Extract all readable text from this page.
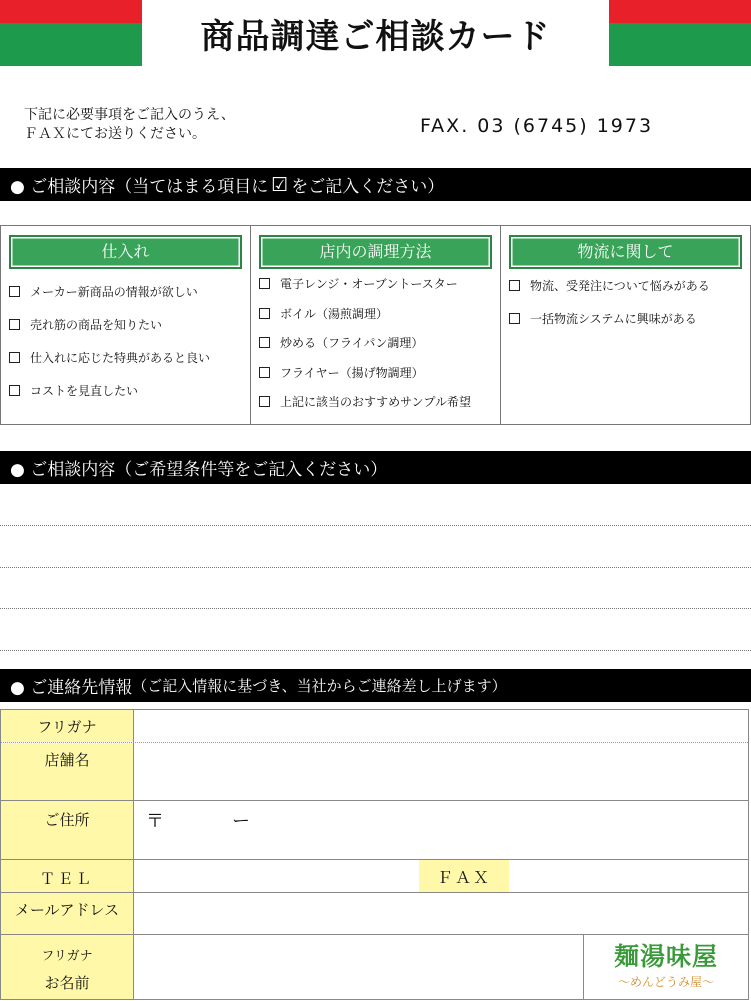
商品調達ご相談カード
下記に必要事項をご記入のうえ、
ＦＡＸにてお送りください。	FAX. 03 (6745) 1973
● ご相談内容（当てはまる項目に ☑ をご記入ください）
仕入れ
メーカー新商品の情報が欲しい
売れ筋の商品を知りたい
仕入れに応じた特典があると良い
コストを見直したい
店内の調理方法
電子レンジ・オーブントースター
ボイル（湯煎調理）
炒める（フライパン調理）
フライヤー（揚げ物調理）
上記に該当のおすすめサンプル希望
物流に関して
物流、受発注について悩みがある
一括物流システムに興味がある
● ご相談内容（ご希望条件等をご記入ください）
● ご連絡先情報 （ご記入情報に基づき、当社からご連絡差し上げます）
フリガナ
店舗名
ご住所	〒	ー
ＴＥＬ	ＦＡＸ
メールアドレス
フリガナ
お名前
麺湯味屋
〜めんどうみ屋〜
